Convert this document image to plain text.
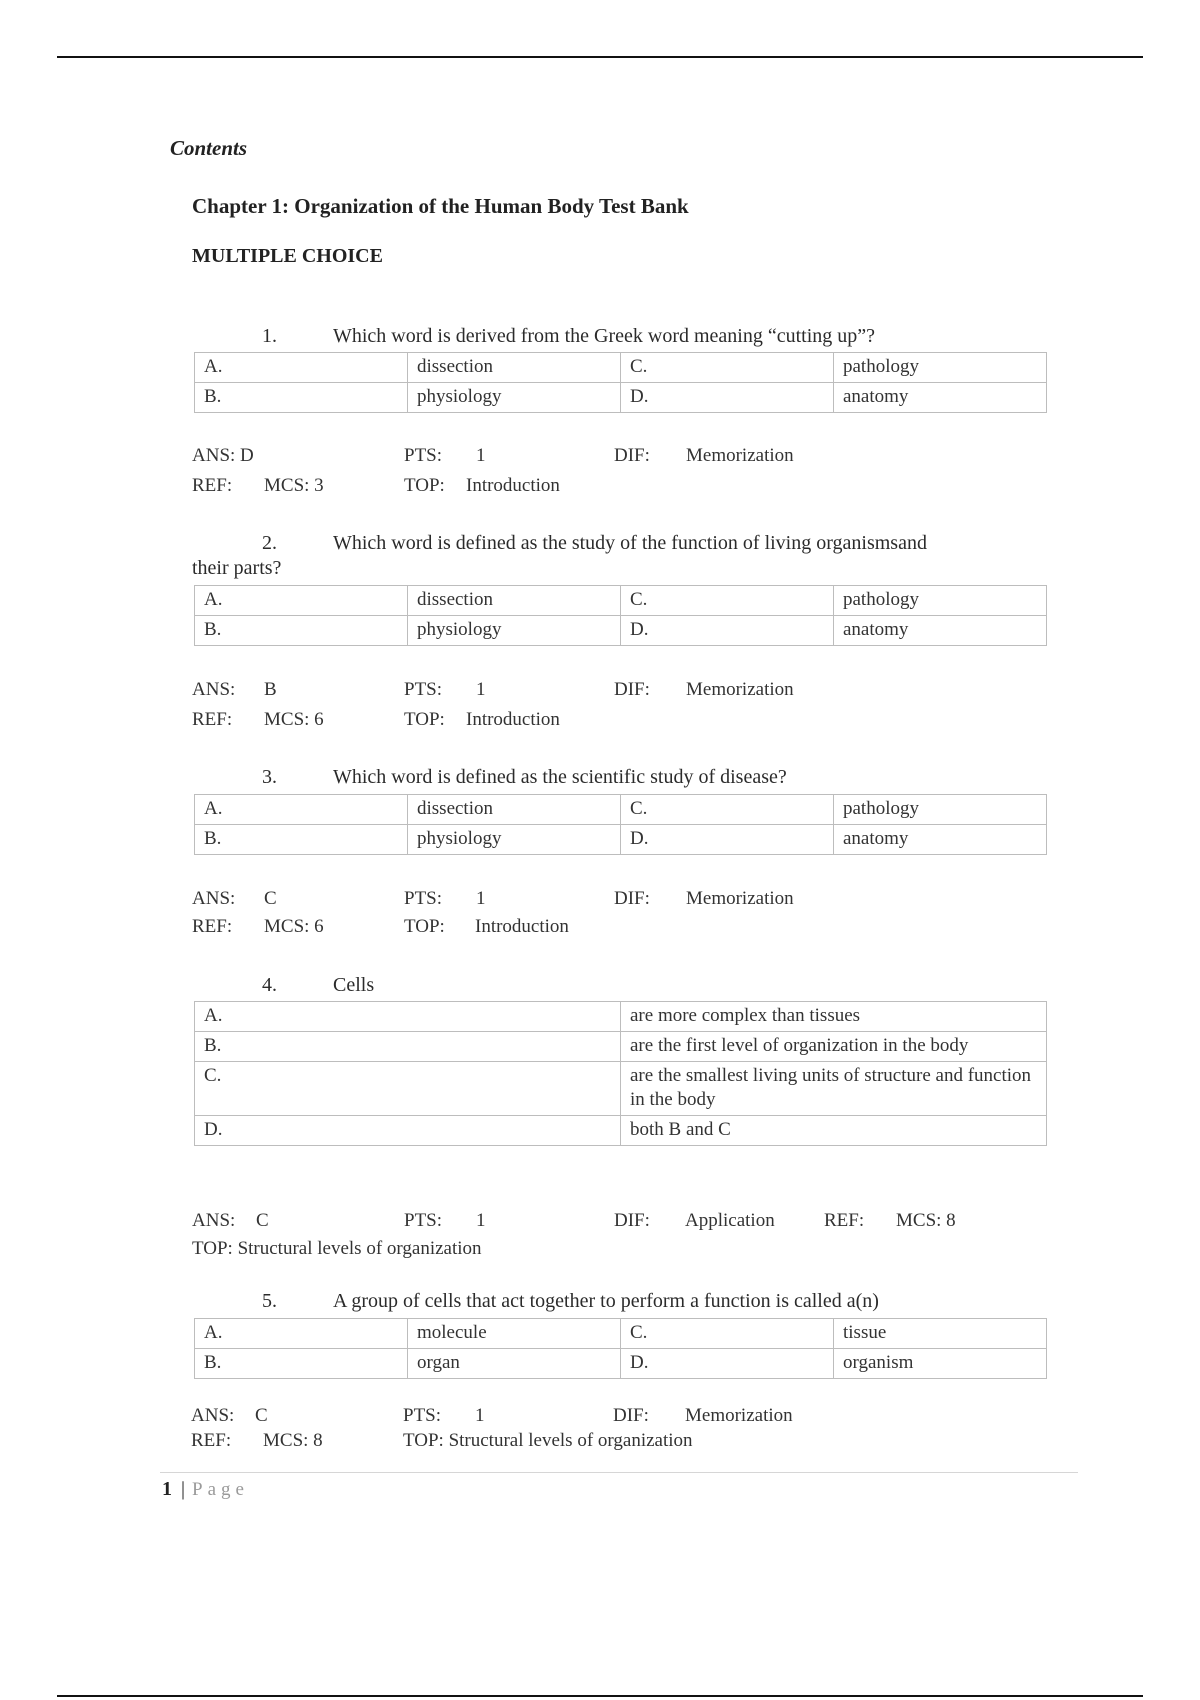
Contents
Chapter 1: Organization of the Human Body Test Bank
MULTIPLE CHOICE
1.	Which word is derived from the Greek word meaning “cutting up”?
A.	dissection	C.	pathology
B.	physiology	D.	anatomy
ANS: D	PTS: 1	DIF: Memorization
REF: MCS: 3	TOP: Introduction
2.	Which word is defined as the study of the function of living organismsand
their parts?
A.	dissection	C.	pathology
B.	physiology	D.	anatomy
ANS: B	PTS: 1	DIF: Memorization
REF: MCS: 6	TOP: Introduction
3.	Which word is defined as the scientific study of disease?
A.	dissection	C.	pathology
B.	physiology	D.	anatomy
ANS: C	PTS: 1	DIF: Memorization
REF: MCS: 6	TOP: Introduction
4.	Cells
A.	are more complex than tissues
B.	are the first level of organization in the body
C.	are the smallest living units of structure and function in the body
D.	both B and C
ANS: C	PTS: 1	DIF: Application	REF: MCS: 8
TOP: Structural levels of organization
5.	A group of cells that act together to perform a function is called a(n)
A.	molecule	C.	tissue
B.	organ	D.	organism
ANS: C	PTS: 1	DIF: Memorization
REF: MCS: 8	TOP: Structural levels of organization
1 | Page
